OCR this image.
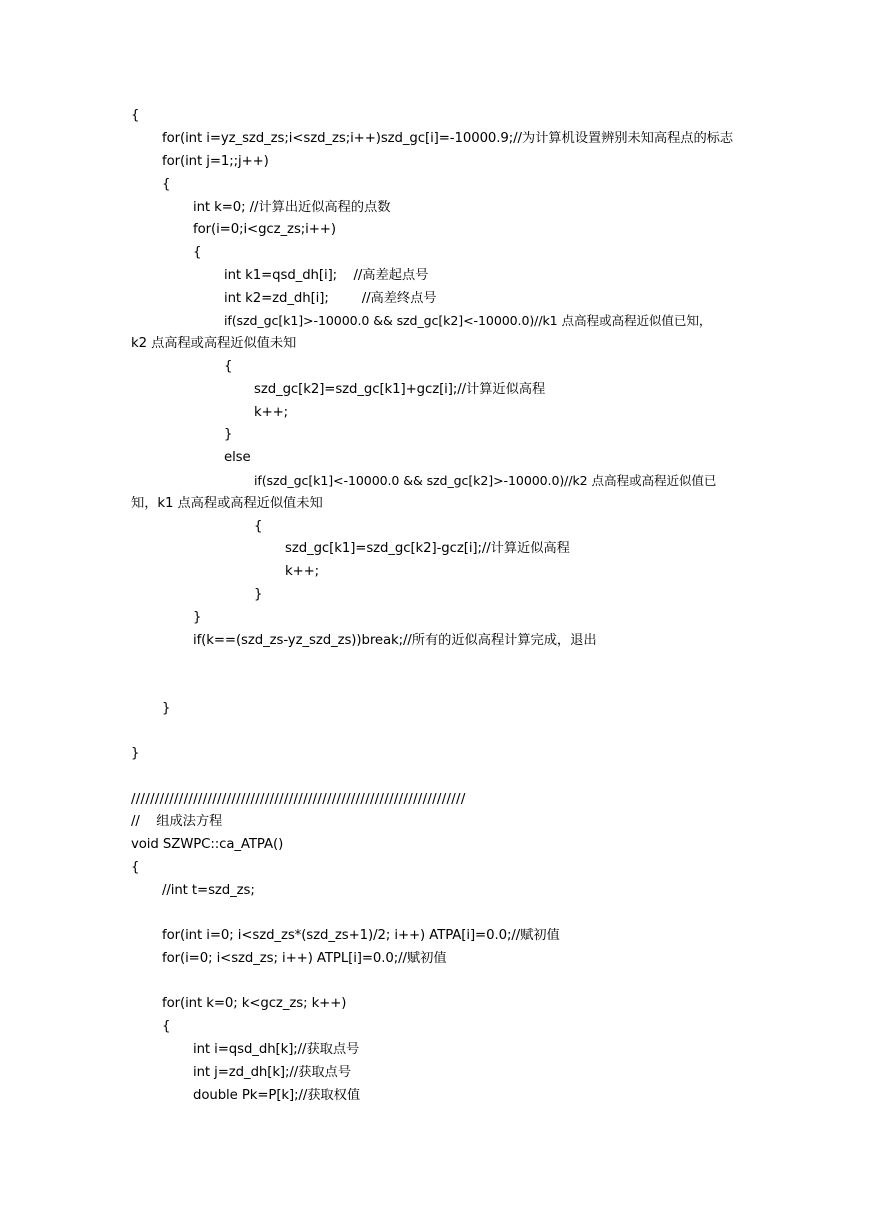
{
for(int i=yz_szd_zs;i<szd_zs;i++)szd_gc[i]=-10000.9;//为计算机设置辨别未知高程点的标志
for(int j=1;;j++)
{
int k=0; //计算出近似高程的点数
for(i=0;i<gcz_zs;i++)
{
int k1=qsd_dh[i];    //高差起点号
int k2=zd_dh[i];        //高差终点号
if(szd_gc[k1]>-10000.0 && szd_gc[k2]<-10000.0)//k1 点高程或高程近似值已知，
k2 点高程或高程近似值未知
{
szd_gc[k2]=szd_gc[k1]+gcz[i];//计算近似高程
k++;
}
else
if(szd_gc[k1]<-10000.0 && szd_gc[k2]>-10000.0)//k2 点高程或高程近似值已
知，k1 点高程或高程近似值未知
{
szd_gc[k1]=szd_gc[k2]-gcz[i];//计算近似高程
k++;
}
}
if(k==(szd_zs-yz_szd_zs))break;//所有的近似高程计算完成，退出
}
}
//////////////////////////////////////////////////////////////////////
//    组成法方程
void SZWPC::ca_ATPA()
{
//int t=szd_zs;
for(int i=0; i<szd_zs*(szd_zs+1)/2; i++) ATPA[i]=0.0;//赋初值
for(i=0; i<szd_zs; i++) ATPL[i]=0.0;//赋初值
for(int k=0; k<gcz_zs; k++)
{
int i=qsd_dh[k];//获取点号
int j=zd_dh[k];//获取点号
double Pk=P[k];//获取权值
